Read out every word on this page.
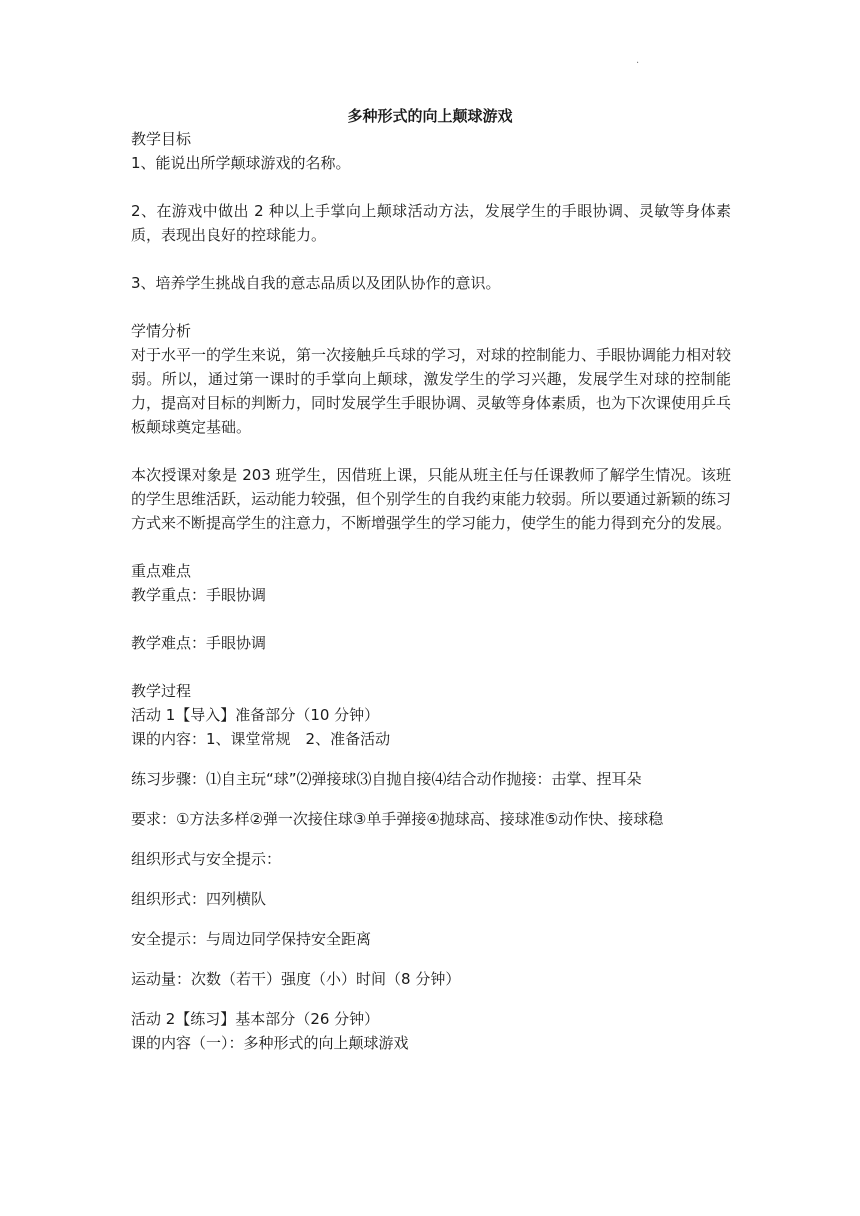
.
多种形式的向上颠球游戏

教学目标

1、能说出所学颠球游戏的名称。

2、在游戏中做出 2 种以上手掌向上颠球活动方法，发展学生的手眼协调、灵敏等身体素质，表现出良好的控球能力。

3、培养学生挑战自我的意志品质以及团队协作的意识。

学情分析

对于水平一的学生来说，第一次接触乒乓球的学习，对球的控制能力、手眼协调能力相对较弱。所以，通过第一课时的手掌向上颠球，激发学生的学习兴趣，发展学生对球的控制能力，提高对目标的判断力，同时发展学生手眼协调、灵敏等身体素质，也为下次课使用乒乓板颠球奠定基础。

本次授课对象是 203 班学生，因借班上课，只能从班主任与任课教师了解学生情况。该班的学生思维活跃，运动能力较强，但个别学生的自我约束能力较弱。所以要通过新颖的练习方式来不断提高学生的注意力，不断增强学生的学习能力，使学生的能力得到充分的发展。

重点难点

教学重点：手眼协调

教学难点：手眼协调

教学过程

活动 1【导入】准备部分（10 分钟）

课的内容：1、课堂常规　2、准备活动

练习步骤：⑴自主玩“球”⑵弹接球⑶自抛自接⑷结合动作抛接：击掌、捏耳朵

要求：①方法多样②弹一次接住球③单手弹接④抛球高、接球准⑤动作快、接球稳

组织形式与安全提示：

组织形式：四列横队

安全提示：与周边同学保持安全距离

运动量：次数（若干）强度（小）时间（8 分钟）

活动 2【练习】基本部分（26 分钟）

课的内容（一）：多种形式的向上颠球游戏
